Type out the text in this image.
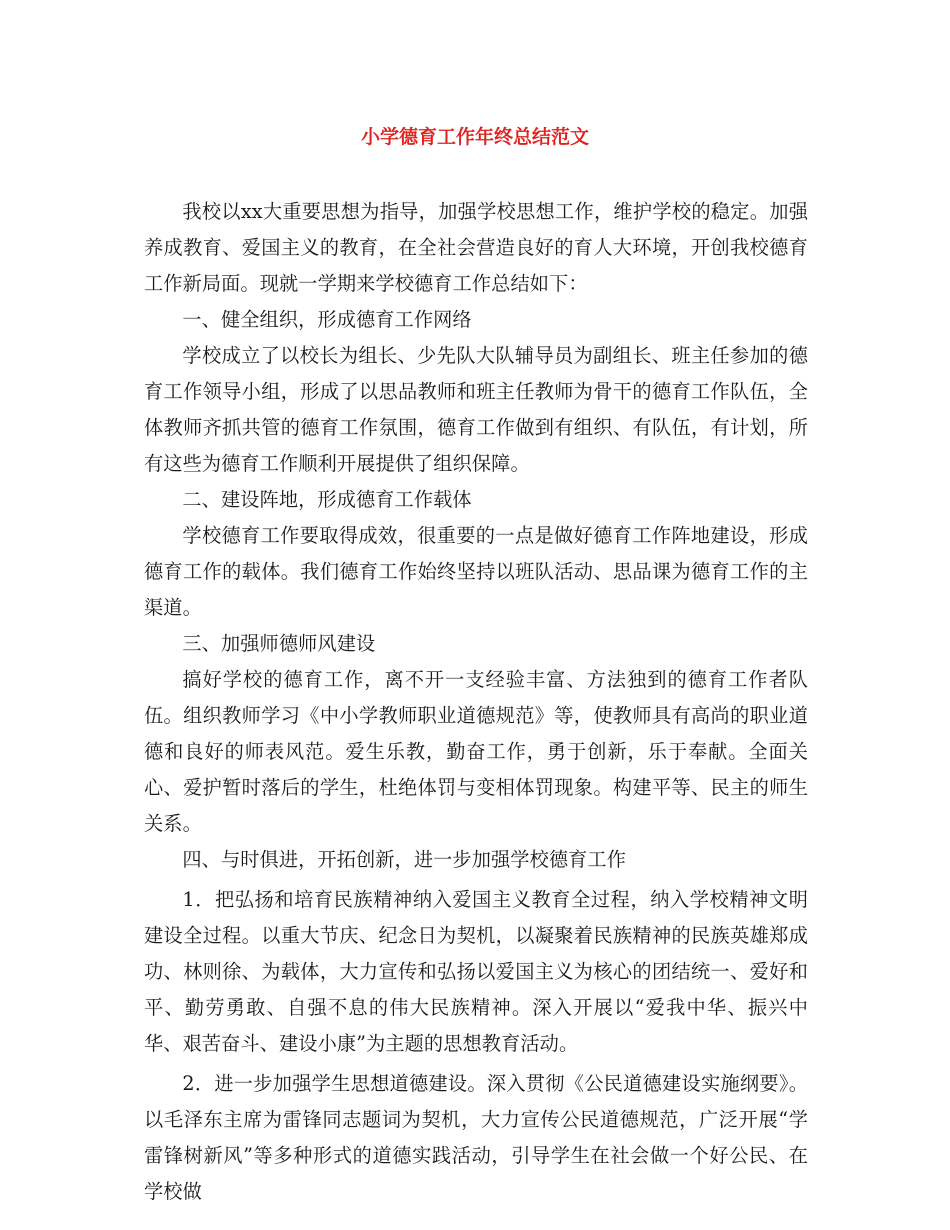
小学德育工作年终总结范文

我校以xx大重要思想为指导，加强学校思想工作，维护学校的稳定。加强养成教育、爱国主义的教育，在全社会营造良好的育人大环境，开创我校德育工作新局面。现就一学期来学校德育工作总结如下：

一、健全组织，形成德育工作网络

学校成立了以校长为组长、少先队大队辅导员为副组长、班主任参加的德育工作领导小组，形成了以思品教师和班主任教师为骨干的德育工作队伍，全体教师齐抓共管的德育工作氛围，德育工作做到有组织、有队伍，有计划，所有这些为德育工作顺利开展提供了组织保障。

二、建设阵地，形成德育工作载体

学校德育工作要取得成效，很重要的一点是做好德育工作阵地建设，形成德育工作的载体。我们德育工作始终坚持以班队活动、思品课为德育工作的主渠道。

三、加强师德师风建设

搞好学校的德育工作，离不开一支经验丰富、方法独到的德育工作者队伍。组织教师学习《中小学教师职业道德规范》等，使教师具有高尚的职业道德和良好的师表风范。爱生乐教，勤奋工作，勇于创新，乐于奉献。全面关心、爱护暂时落后的学生，杜绝体罚与变相体罚现象。构建平等、民主的师生关系。

四、与时俱进，开拓创新，进一步加强学校德育工作

1．把弘扬和培育民族精神纳入爱国主义教育全过程，纳入学校精神文明建设全过程。以重大节庆、纪念日为契机，以凝聚着民族精神的民族英雄郑成功、林则徐、为载体，大力宣传和弘扬以爱国主义为核心的团结统一、爱好和平、勤劳勇敢、自强不息的伟大民族精神。深入开展以“爱我中华、振兴中华、艰苦奋斗、建设小康”为主题的思想教育活动。

2．进一步加强学生思想道德建设。深入贯彻《公民道德建设实施纲要》。以毛泽东主席为雷锋同志题词为契机，大力宣传公民道德规范，广泛开展“学雷锋树新风”等多种形式的道德实践活动，引导学生在社会做一个好公民、在学校做
